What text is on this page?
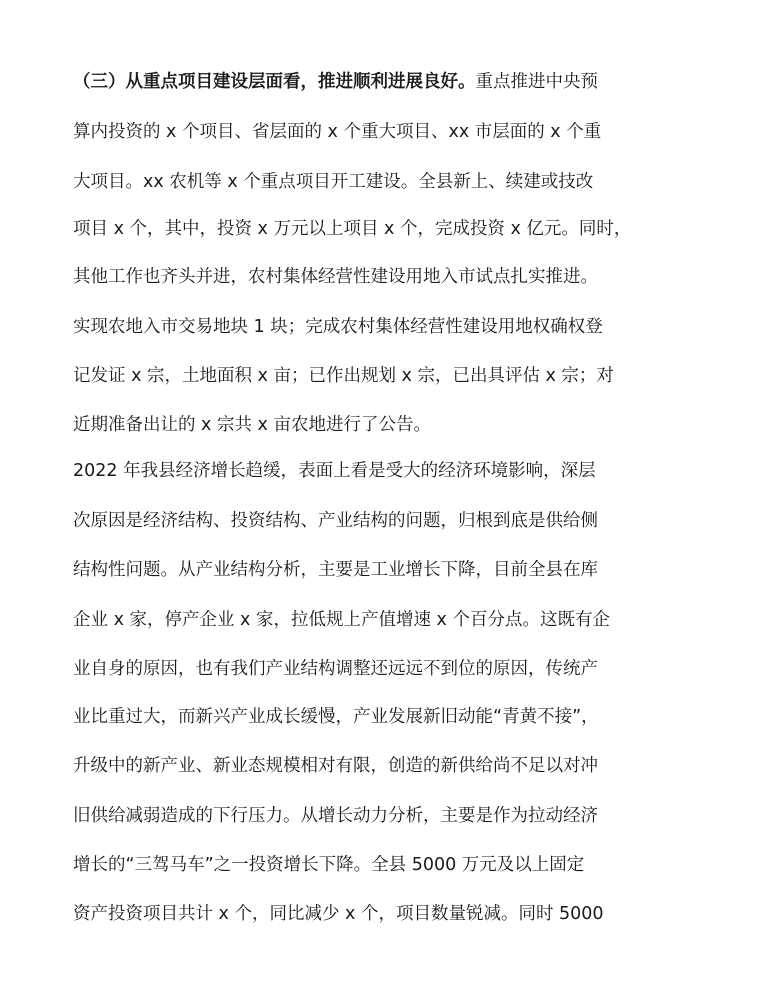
（三）从重点项目建设层面看，推进顺利进展良好。重点推进中央预
算内投资的 x 个项目、省层面的 x 个重大项目、xx 市层面的 x 个重
大项目。xx 农机等 x 个重点项目开工建设。全县新上、续建或技改
项目 x 个，其中，投资 x 万元以上项目 x 个，完成投资 x 亿元。同时，
其他工作也齐头并进，农村集体经营性建设用地入市试点扎实推进。
实现农地入市交易地块 1 块；完成农村集体经营性建设用地权确权登
记发证 x 宗，土地面积 x 亩；已作出规划 x 宗，已出具评估 x 宗；对
近期准备出让的 x 宗共 x 亩农地进行了公告。
2022 年我县经济增长趋缓，表面上看是受大的经济环境影响，深层
次原因是经济结构、投资结构、产业结构的问题，归根到底是供给侧
结构性问题。从产业结构分析，主要是工业增长下降，目前全县在库
企业 x 家，停产企业 x 家，拉低规上产值增速 x 个百分点。这既有企
业自身的原因，也有我们产业结构调整还远远不到位的原因，传统产
业比重过大，而新兴产业成长缓慢，产业发展新旧动能“青黄不接”，
升级中的新产业、新业态规模相对有限，创造的新供给尚不足以对冲
旧供给减弱造成的下行压力。从增长动力分析，主要是作为拉动经济
增长的“三驾马车”之一投资增长下降。全县 5000 万元及以上固定
资产投资项目共计 x 个，同比减少 x 个，项目数量锐减。同时 5000
